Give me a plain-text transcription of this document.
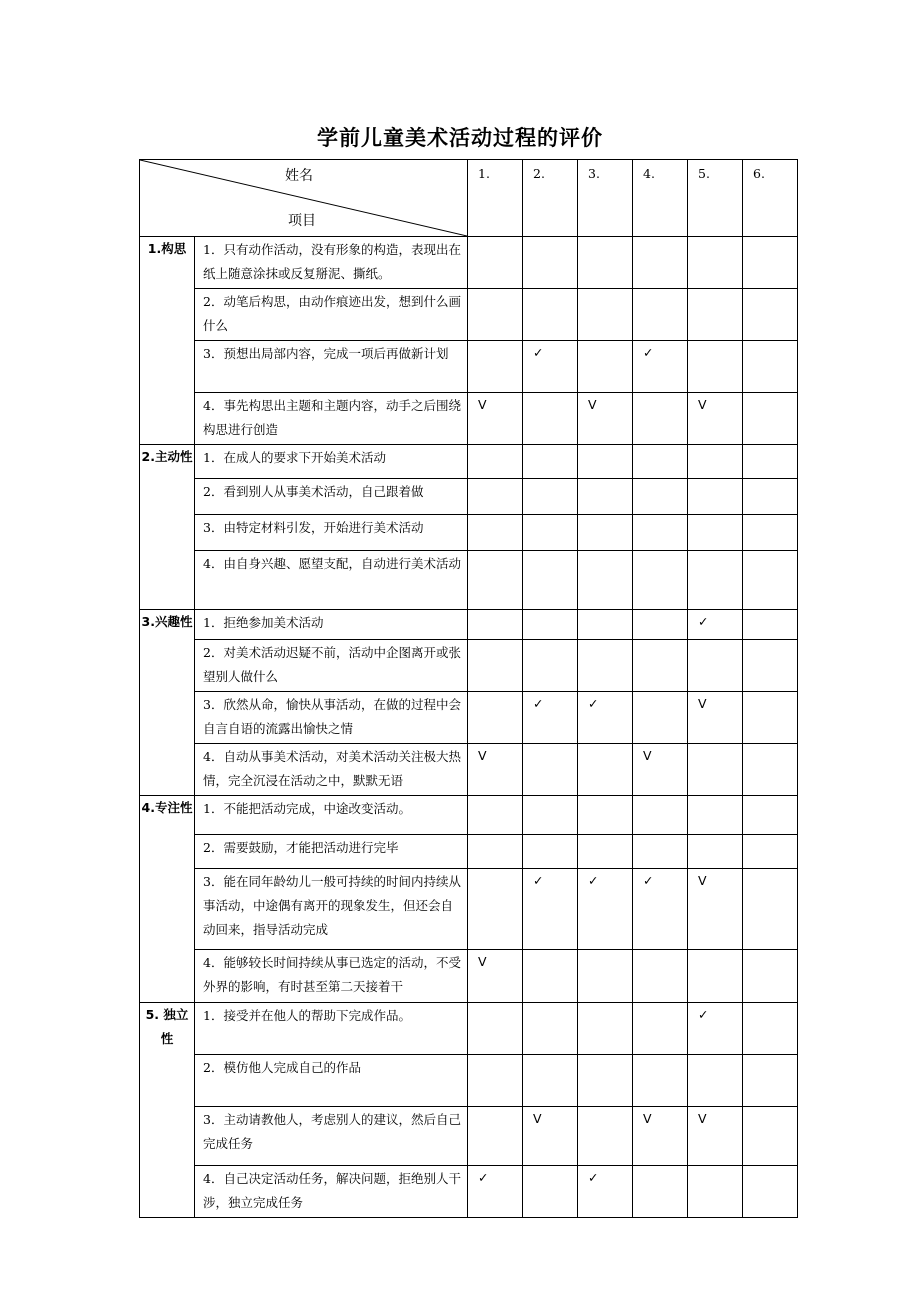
学前儿童美术活动过程的评价
姓名
项目		1.	2.	3.	4.	5.	6.
1.构思	1．只有动作活动，没有形象的构造，表现出在纸上随意涂抹或反复掰泥、撕纸。						
	2．动笔后构思，由动作痕迹出发，想到什么画什么						
	3．预想出局部内容，完成一项后再做新计划		✓		✓		
	4．事先构思出主题和主题内容，动手之后围绕构思进行创造	V		V		V	
2.主动性	1．在成人的要求下开始美术活动						
	2．看到别人从事美术活动，自己跟着做						
	3．由特定材料引发，开始进行美术活动						
	4．由自身兴趣、愿望支配，自动进行美术活动						
3.兴趣性	1．拒绝参加美术活动					✓	
	2．对美术活动迟疑不前，活动中企图离开或张望别人做什么						
	3．欣然从命，愉快从事活动，在做的过程中会自言自语的流露出愉快之情		✓	✓		V	
	4．自动从事美术活动，对美术活动关注极大热情，完全沉浸在活动之中，默默无语	V			V		
4.专注性	1．不能把活动完成，中途改变活动。						
	2．需要鼓励，才能把活动进行完毕						
	3．能在同年龄幼儿一般可持续的时间内持续从事活动，中途偶有离开的现象发生，但还会自动回来，指导活动完成		✓	✓	✓	V	
	4．能够较长时间持续从事已选定的活动，不受外界的影响，有时甚至第二天接着干	V					
5. 独立性	1．接受并在他人的帮助下完成作品。					✓	
	2．模仿他人完成自己的作品						
	3．主动请教他人，考虑别人的建议，然后自己完成任务		V		V	V	
	4．自己决定活动任务，解决问题，拒绝别人干涉，独立完成任务	✓		✓			
